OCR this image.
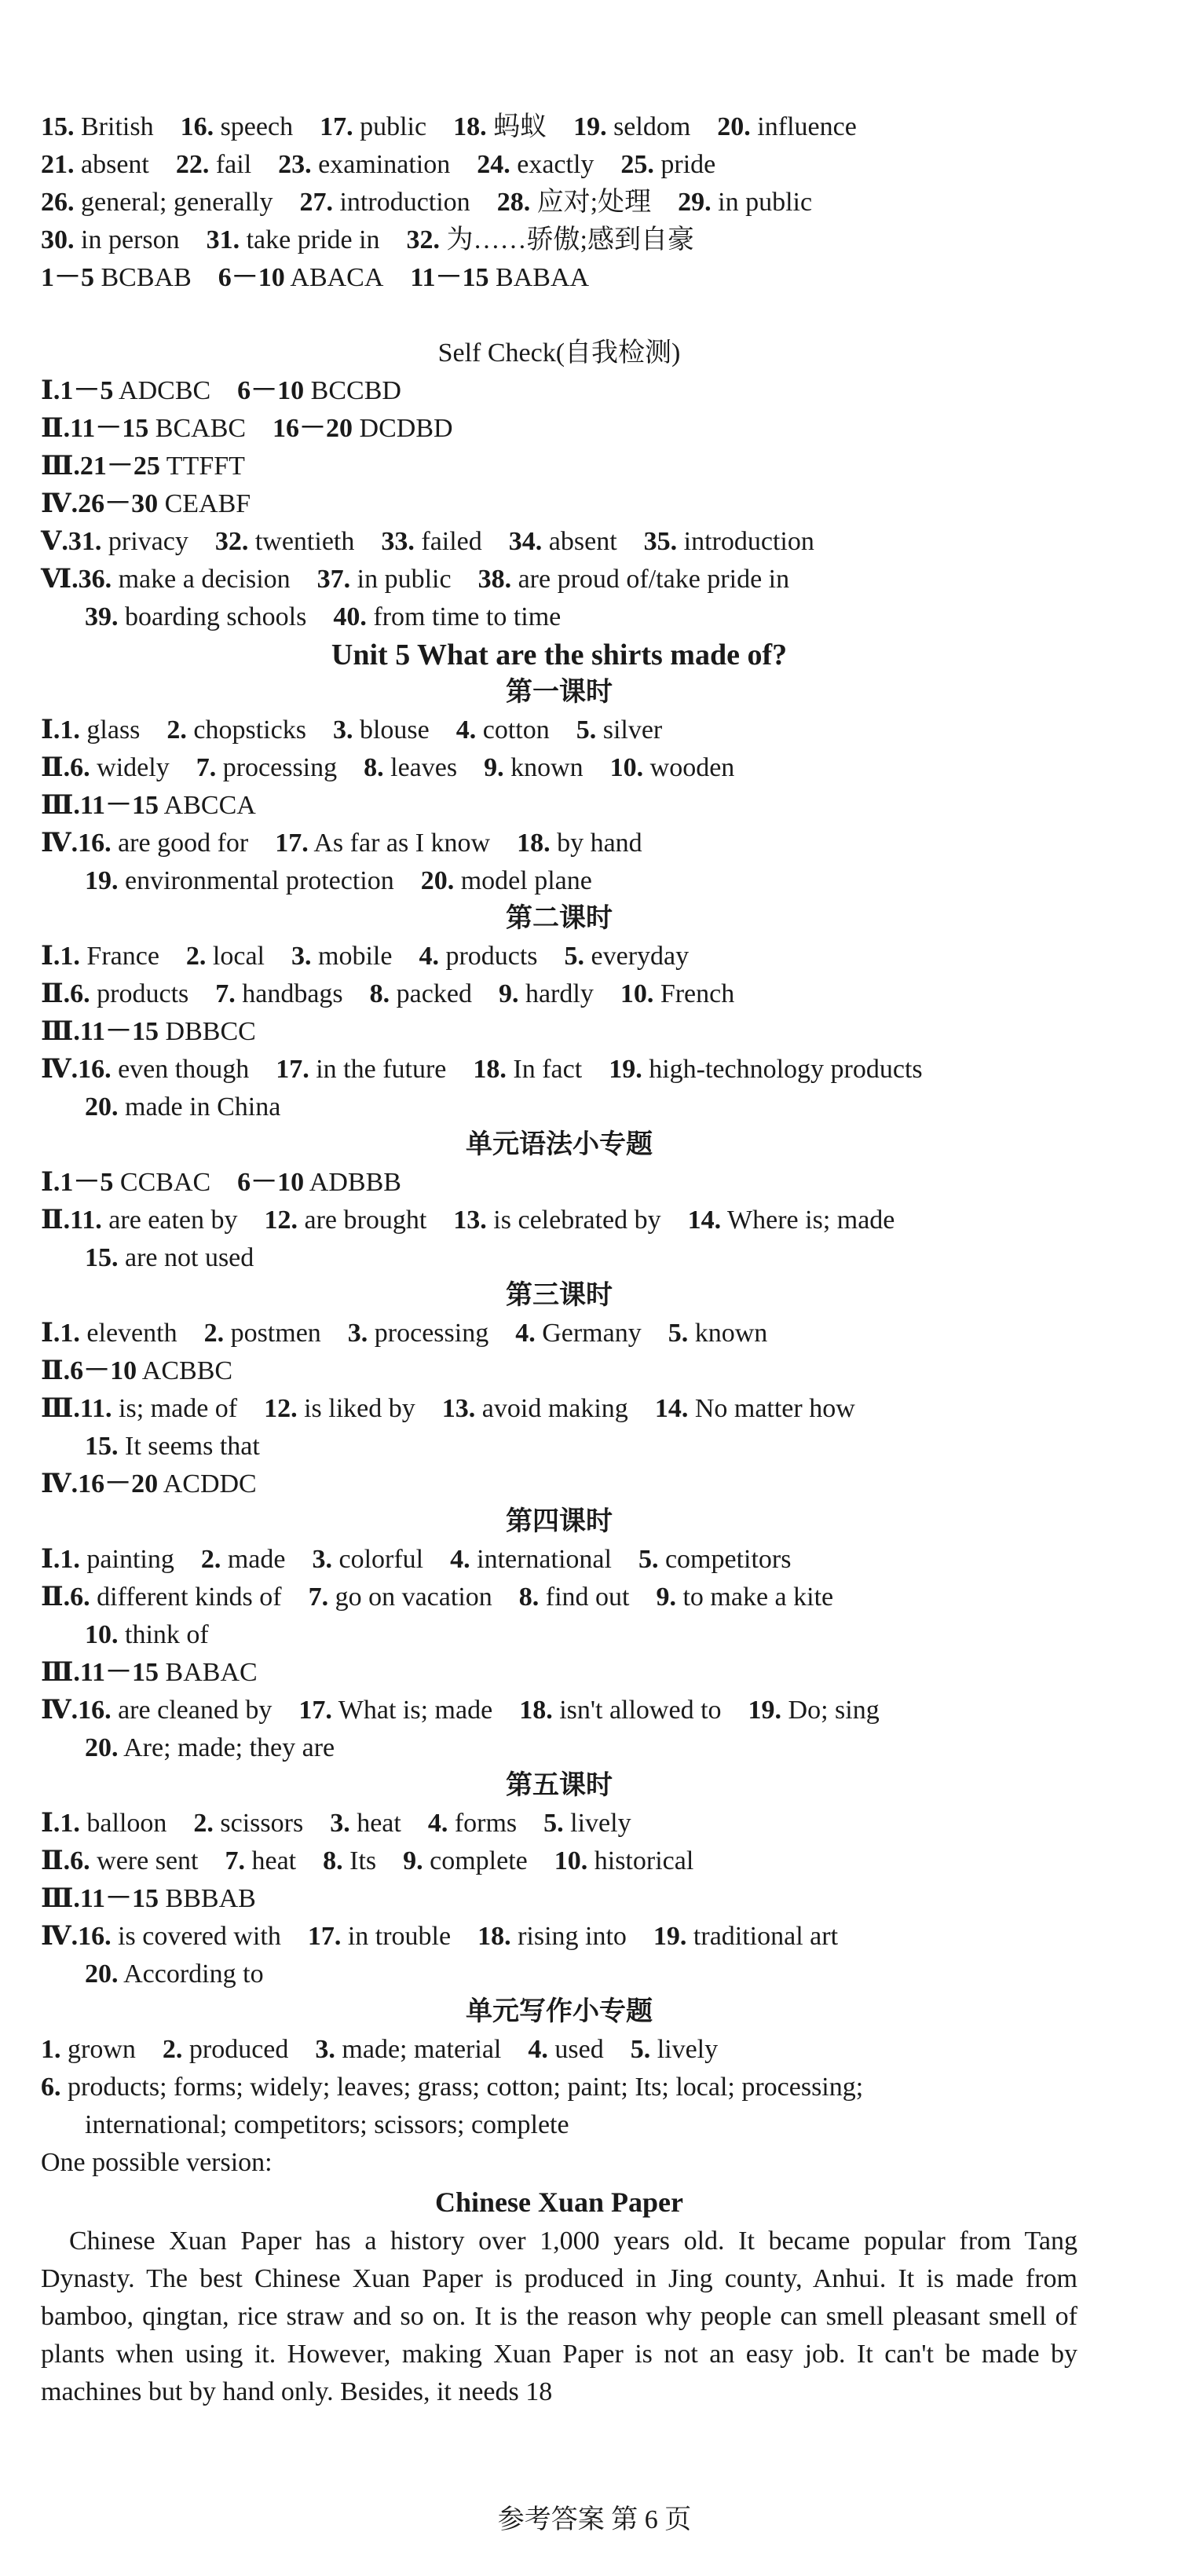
15. British 16. speech 17. public 18. 蚂蚁 19. seldom 20. influence
21. absent 22. fail 23. examination 24. exactly 25. pride
26. general; generally 27. introduction 28. 应对;处理 29. in public
30. in person 31. take pride in 32. 为……骄傲;感到自豪
1－5 BCBAB 6－10 ABACA 11－15 BABAA
Self Check(自我检测)
Ⅰ.1－5 ADCBC 6－10 BCCBD
Ⅱ.11－15 BCABC 16－20 DCDBD
Ⅲ.21－25 TTFFT
Ⅳ.26－30 CEABF
Ⅴ.31. privacy 32. twentieth 33. failed 34. absent 35. introduction
Ⅵ.36. make a decision 37. in public 38. are proud of/take pride in
39. boarding schools 40. from time to time
Unit 5 What are the shirts made of?
第一课时
Ⅰ.1. glass 2. chopsticks 3. blouse 4. cotton 5. silver
Ⅱ.6. widely 7. processing 8. leaves 9. known 10. wooden
Ⅲ.11－15 ABCCA
Ⅳ.16. are good for 17. As far as I know 18. by hand
19. environmental protection 20. model plane
第二课时
Ⅰ.1. France 2. local 3. mobile 4. products 5. everyday
Ⅱ.6. products 7. handbags 8. packed 9. hardly 10. French
Ⅲ.11－15 DBBCC
Ⅳ.16. even though 17. in the future 18. In fact 19. high-technology products
20. made in China
单元语法小专题
Ⅰ.1－5 CCBAC 6－10 ADBBB
Ⅱ.11. are eaten by 12. are brought 13. is celebrated by 14. Where is; made
15. are not used
第三课时
Ⅰ.1. eleventh 2. postmen 3. processing 4. Germany 5. known
Ⅱ.6－10 ACBBC
Ⅲ.11. is; made of 12. is liked by 13. avoid making 14. No matter how
15. It seems that
Ⅳ.16－20 ACDDC
第四课时
Ⅰ.1. painting 2. made 3. colorful 4. international 5. competitors
Ⅱ.6. different kinds of 7. go on vacation 8. find out 9. to make a kite
10. think of
Ⅲ.11－15 BABAC
Ⅳ.16. are cleaned by 17. What is; made 18. isn't allowed to 19. Do; sing
20. Are; made; they are
第五课时
Ⅰ.1. balloon 2. scissors 3. heat 4. forms 5. lively
Ⅱ.6. were sent 7. heat 8. Its 9. complete 10. historical
Ⅲ.11－15 BBBAB
Ⅳ.16. is covered with 17. in trouble 18. rising into 19. traditional art
20. According to
单元写作小专题
1. grown 2. produced 3. made; material 4. used 5. lively
6. products; forms; widely; leaves; grass; cotton; paint; Its; local; processing;
international; competitors; scissors; complete
One possible version:
Chinese Xuan Paper
Chinese Xuan Paper has a history over 1,000 years old. It became popular from Tang Dynasty. The best Chinese Xuan Paper is produced in Jing county, Anhui. It is made from bamboo, qingtan, rice straw and so on. It is the reason why people can smell pleasant smell of plants when using it. However, making Xuan Paper is not an easy job. It can't be made by machines but by hand only. Besides, it needs 18
参考答案 第 6 页
